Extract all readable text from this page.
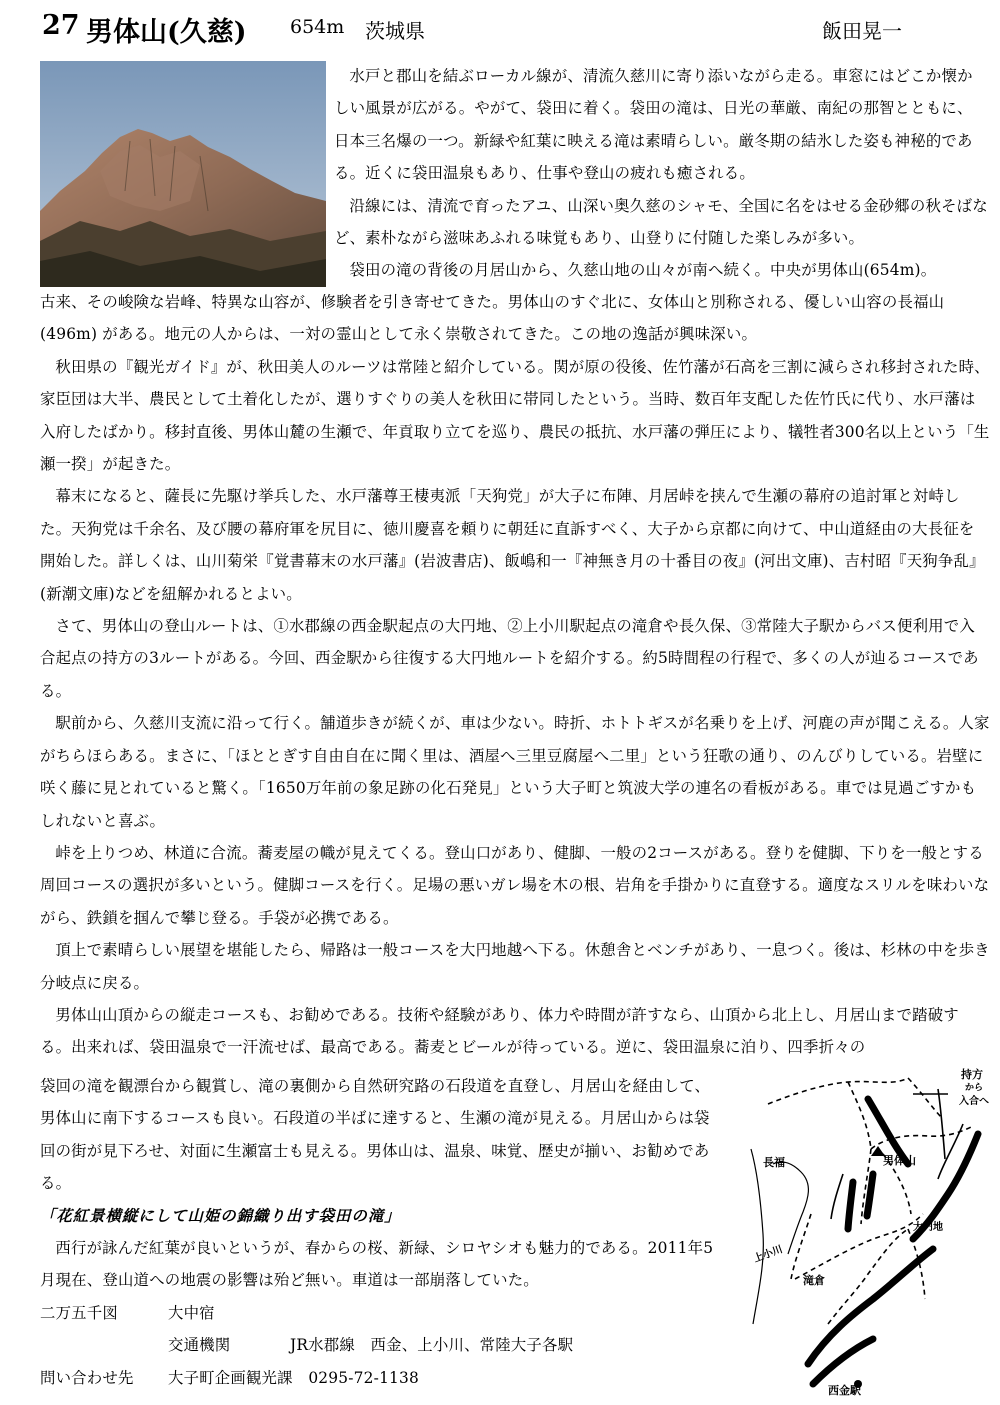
27 男体山(久慈) 654m 茨城県	飯田晃一

水戸と郡山を結ぶローカル線が、清流久慈川に寄り添いながら走る。車窓にはどこか懐かしい風景が広がる。やがて、袋田に着く。袋田の滝は、日光の華厳、南紀の那智とともに、日本三名爆の一つ。新緑や紅葉に映える滝は素晴らしい。厳冬期の結氷した姿も神秘的である。近くに袋田温泉もあり、仕事や登山の疲れも癒される。

沿線には、清流で育ったアユ、山深い奥久慈のシャモ、全国に名をはせる金砂郷の秋そばなど、素朴ながら滋味あふれる味覚もあり、山登りに付随した楽しみが多い。

袋田の滝の背後の月居山から、久慈山地の山々が南へ続く。中央が男体山(654m)。

古来、その峻険な岩峰、特異な山容が、修験者を引き寄せてきた。男体山のすぐ北に、女体山と別称される、優しい山容の長福山(496m) がある。地元の人からは、一対の霊山として永く崇敬されてきた。この地の逸話が興味深い。

秋田県の『観光ガイド』が、秋田美人のルーツは常陸と紹介している。関が原の役後、佐竹藩が石高を三割に減らされ移封された時、家臣団は大半、農民として土着化したが、選りすぐりの美人を秋田に帯同したという。当時、数百年支配した佐竹氏に代り、水戸藩は入府したばかり。移封直後、男体山麓の生瀬で、年貢取り立てを巡り、農民の抵抗、水戸藩の弾圧により、犠牲者300名以上という「生瀬一揆」が起きた。

幕末になると、薩長に先駆け挙兵した、水戸藩尊王棲夷派「天狗党」が大子に布陣、月居峠を挟んで生瀬の幕府の追討軍と対峙した。天狗党は千余名、及び腰の幕府軍を尻目に、徳川慶喜を頼りに朝廷に直訴すべく、大子から京都に向けて、中山道経由の大長征を開始した。詳しくは、山川菊栄『覚書幕末の水戸藩』(岩波書店)、飯嶋和一『神無き月の十番目の夜』(河出文庫)、吉村昭『天狗争乱』(新潮文庫)などを紐解かれるとよい。

さて、男体山の登山ルートは、①水郡線の西金駅起点の大円地、②上小川駅起点の滝倉や長久保、③常陸大子駅からバス便利用で入合起点の持方の3ルートがある。今回、西金駅から往復する大円地ルートを紹介する。約5時間程の行程で、多くの人が辿るコースである。

駅前から、久慈川支流に沿って行く。舗道歩きが続くが、車は少ない。時折、ホトトギスが名乗りを上げ、河鹿の声が聞こえる。人家がちらほらある。まさに、「ほととぎす自由自在に聞く里は、酒屋へ三里豆腐屋へ二里」という狂歌の通り、のんびりしている。岩壁に咲く藤に見とれていると驚く。「1650万年前の象足跡の化石発見」という大子町と筑波大学の連名の看板がある。車では見過ごすかもしれないと喜ぶ。

峠を上りつめ、林道に合流。蕎麦屋の幟が見えてくる。登山口があり、健脚、一般の2コースがある。登りを健脚、下りを一般とする周回コースの選択が多いという。健脚コースを行く。足場の悪いガレ場を木の根、岩角を手掛かりに直登する。適度なスリルを味わいながら、鉄鎖を掴んで攀じ登る。手袋が必携である。

頂上で素晴らしい展望を堪能したら、帰路は一般コースを大円地越へ下る。休憩舎とベンチがあり、一息つく。後は、杉林の中を歩き分岐点に戻る。

男体山山頂からの縦走コースも、お勧めである。技術や経験があり、体力や時間が許すなら、山頂から北上し、月居山まで踏破する。出来れば、袋田温泉で一汗流せば、最高である。蕎麦とビールが待っている。逆に、袋田温泉に泊り、四季折々の

袋回の滝を観漂台から観賞し、滝の裏側から自然研究路の石段道を直登し、月居山を経由して、男体山に南下するコースも良い。石段道の半ばに達すると、生瀬の滝が見える。月居山からは袋回の街が見下ろせ、対面に生瀬富士も見える。男体山は、温泉、味覚、歴史が揃い、お勧めである。

「花紅景横縦にして山姫の錦織り出す袋田の滝」

西行が詠んだ紅葉が良いというが、春からの桜、新緑、シロヤシオも魅力的である。2011年5月現在、登山道への地震の影響は殆ど無い。車道は一部崩落していた。

二万五千図	大中宿

交通機関	JR水郡線　西金、上小川、常陸大子各駅

問い合わせ先 大子町企画観光課　0295-72-1138

持方
から
入合へ
長福	男体山
大円地
上小川
滝倉
西金駅
